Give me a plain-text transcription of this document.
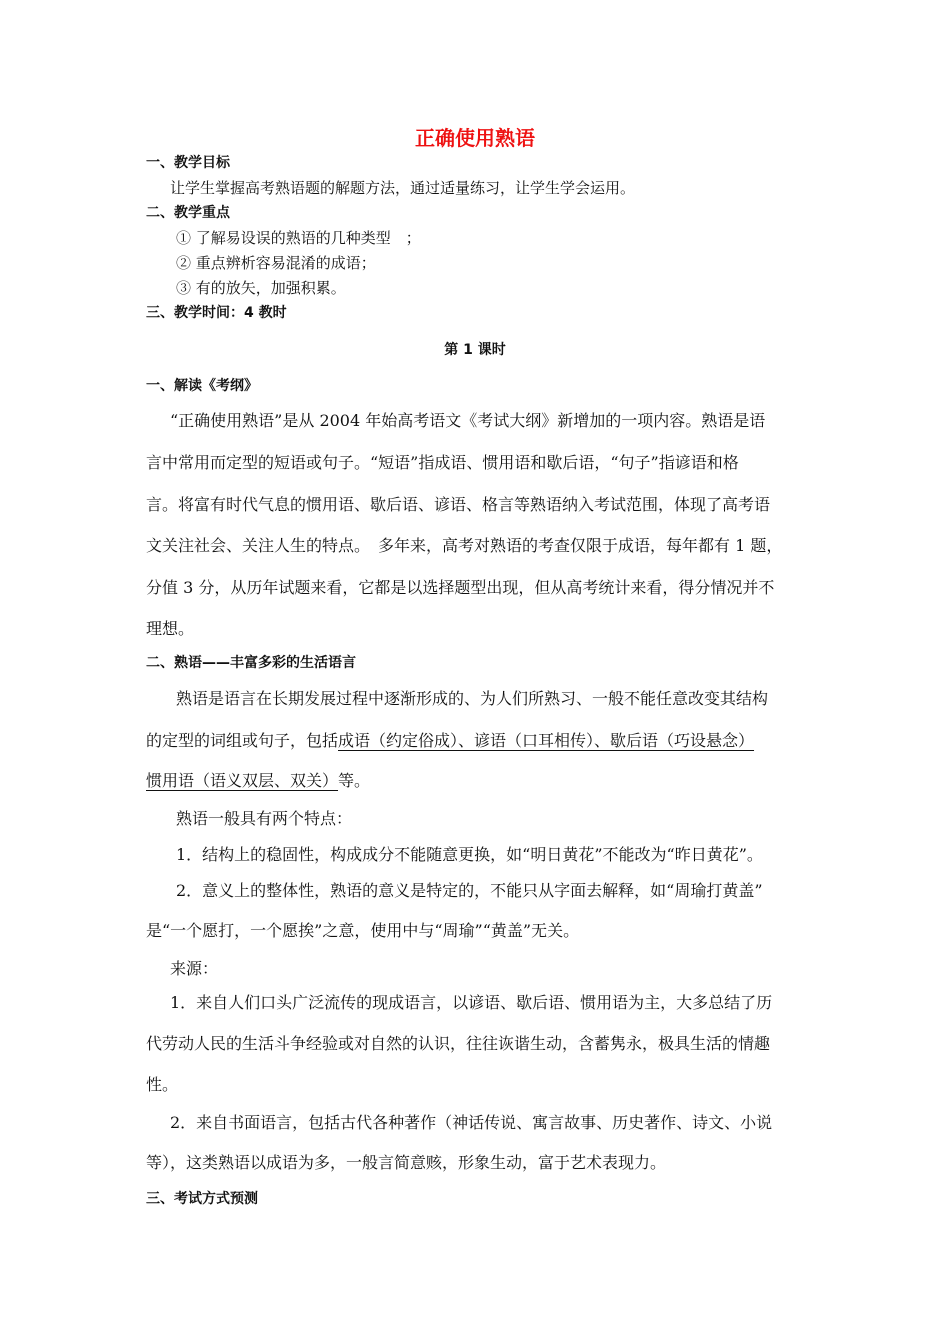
正确使用熟语
一、教学目标
让学生掌握高考熟语题的解题方法，通过适量练习，让学生学会运用。
二、教学重点
① 了解易设误的熟语的几种类型　；
② 重点辨析容易混淆的成语；
③ 有的放矢，加强积累。
三、教学时间：4 教时
第 1 课时
一、解读《考纲》
“正确使用熟语”是从 2004 年始高考语文《考试大纲》新增加的一项内容。熟语是语
言中常用而定型的短语或句子。“短语”指成语、惯用语和歇后语，“句子”指谚语和格
言。将富有时代气息的惯用语、歇后语、谚语、格言等熟语纳入考试范围，体现了高考语
文关注社会、关注人生的特点。　多年来，高考对熟语的考查仅限于成语，每年都有 1 题，
分值 3 分，从历年试题来看，它都是以选择题型出现，但从高考统计来看，得分情况并不
理想。
二、熟语——丰富多彩的生活语言
熟语是语言在长期发展过程中逐渐形成的、为人们所熟习、一般不能任意改变其结构
的定型的词组或句子，包括成语（约定俗成）、谚语（口耳相传）、歇后语（巧设悬念）
惯用语（语义双层、双关）等。
熟语一般具有两个特点：
1．结构上的稳固性，构成成分不能随意更换，如“明日黄花”不能改为“昨日黄花”。
2．意义上的整体性，熟语的意义是特定的，不能只从字面去解释，如“周瑜打黄盖”
是“一个愿打，一个愿挨”之意，使用中与“周瑜”“黄盖”无关。
来源：
1．来自人们口头广泛流传的现成语言，以谚语、歇后语、惯用语为主，大多总结了历
代劳动人民的生活斗争经验或对自然的认识，往往诙谐生动，含蓄隽永，极具生活的情趣
性。
2．来自书面语言，包括古代各种著作（神话传说、寓言故事、历史著作、诗文、小说
等），这类熟语以成语为多，一般言简意赅，形象生动，富于艺术表现力。
三、考试方式预测
